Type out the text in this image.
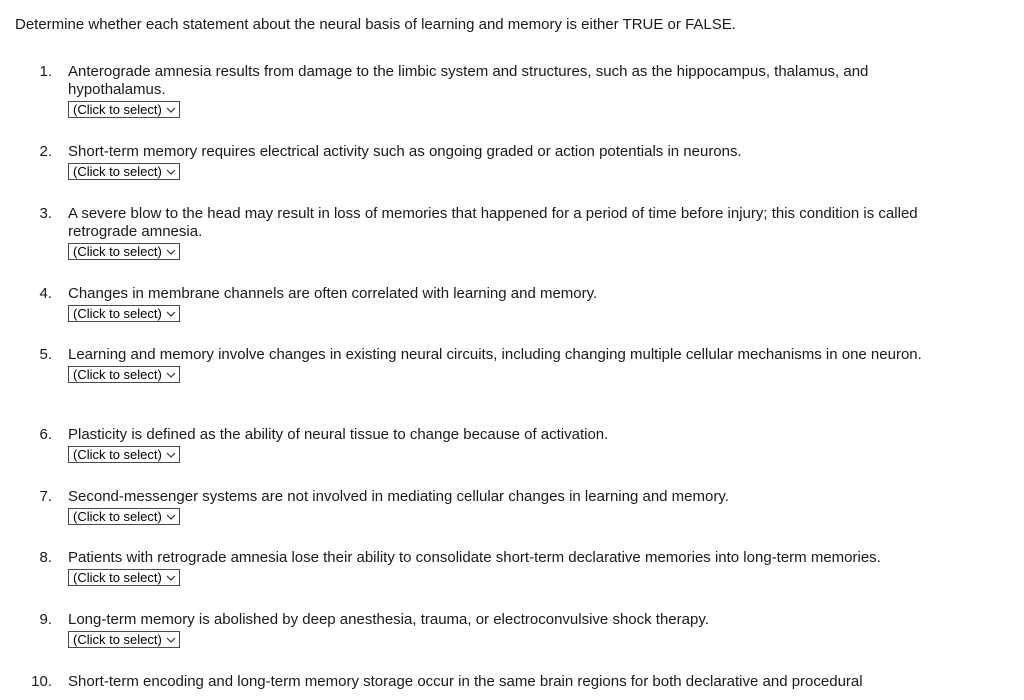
Determine whether each statement about the neural basis of learning and memory is either TRUE or FALSE.
1. Anterograde amnesia results from damage to the limbic system and structures, such as the hippocampus, thalamus, and hypothalamus.
(Click to select)
2. Short-term memory requires electrical activity such as ongoing graded or action potentials in neurons.
(Click to select)
3. A severe blow to the head may result in loss of memories that happened for a period of time before injury; this condition is called retrograde amnesia.
(Click to select)
4. Changes in membrane channels are often correlated with learning and memory.
(Click to select)
5. Learning and memory involve changes in existing neural circuits, including changing multiple cellular mechanisms in one neuron.
(Click to select)
6. Plasticity is defined as the ability of neural tissue to change because of activation.
(Click to select)
7. Second-messenger systems are not involved in mediating cellular changes in learning and memory.
(Click to select)
8. Patients with retrograde amnesia lose their ability to consolidate short-term declarative memories into long-term memories.
(Click to select)
9. Long-term memory is abolished by deep anesthesia, trauma, or electroconvulsive shock therapy.
(Click to select)
10. Short-term encoding and long-term memory storage occur in the same brain regions for both declarative and procedural
